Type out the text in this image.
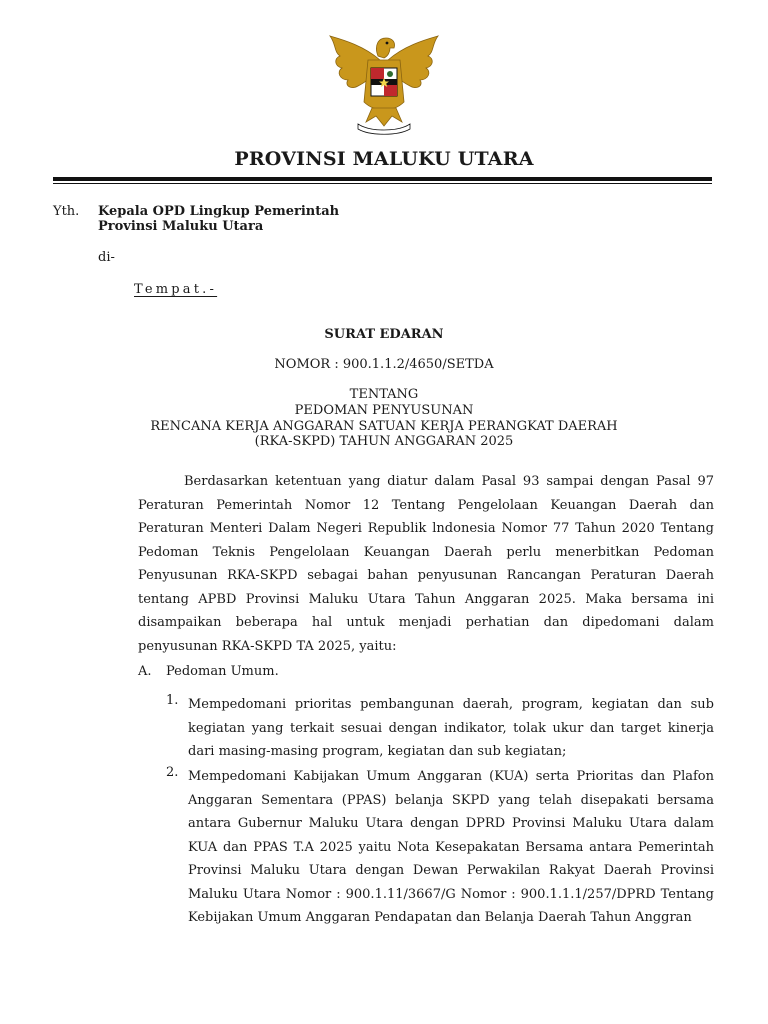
PROVINSI MALUKU UTARA
Yth. Kepala OPD Lingkup Pemerintah
Provinsi Maluku Utara
di-
Tempat.-
SURAT EDARAN
NOMOR : 900.1.1.2/4650/SETDA
TENTANG
PEDOMAN PENYUSUNAN
RENCANA KERJA ANGGARAN SATUAN KERJA PERANGKAT DAERAH
(RKA-SKPD) TAHUN ANGGARAN 2025

Berdasarkan ketentuan yang diatur dalam Pasal 93 sampai dengan Pasal 97 Peraturan Pemerintah Nomor 12 Tentang Pengelolaan Keuangan Daerah dan Peraturan Menteri Dalam Negeri Republik lndonesia Nomor 77 Tahun 2020 Tentang Pedoman Teknis Pengelolaan Keuangan Daerah perlu menerbitkan Pedoman Penyusunan RKA-SKPD sebagai bahan penyusunan Rancangan Peraturan Daerah tentang APBD Provinsi Maluku Utara Tahun Anggaran 2025. Maka bersama ini disampaikan beberapa hal untuk menjadi perhatian dan dipedomani dalam penyusunan RKA-SKPD TA 2025, yaitu:

A. Pedoman Umum.
1. Mempedomani prioritas pembangunan daerah, program, kegiatan dan sub kegiatan yang terkait sesuai dengan indikator, tolak ukur dan target kinerja dari masing-masing program, kegiatan dan sub kegiatan;

2. Mempedomani Kabijakan Umum Anggaran (KUA) serta Prioritas dan Plafon Anggaran Sementara (PPAS) belanja SKPD yang telah disepakati bersama antara Gubernur Maluku Utara dengan DPRD Provinsi Maluku Utara dalam KUA dan PPAS T.A 2025 yaitu Nota Kesepakatan Bersama antara Pemerintah Provinsi Maluku Utara dengan Dewan Perwakilan Rakyat Daerah Provinsi Maluku Utara Nomor : 900.1.11/3667/G Nomor : 900.1.1.1/257/DPRD Tentang Kebijakan Umum Anggaran Pendapatan dan Belanja Daerah Tahun Anggran
